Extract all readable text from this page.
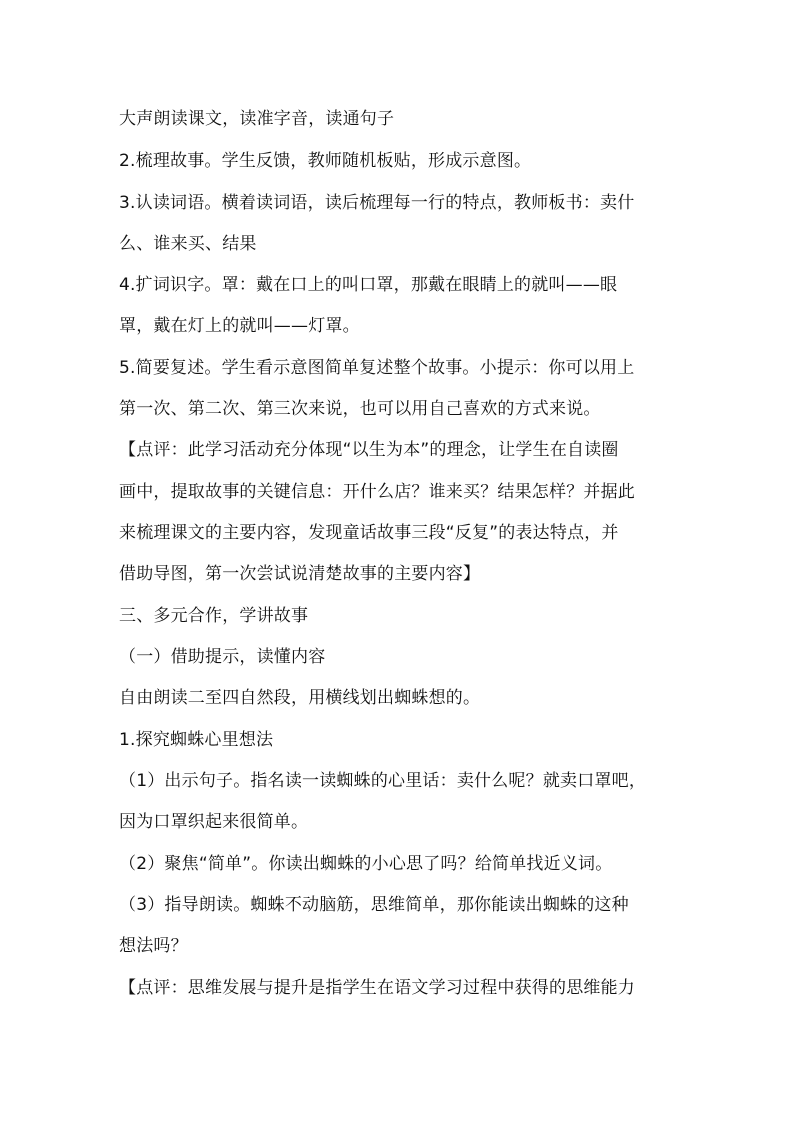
大声朗读课文，读准字音，读通句子
2.梳理故事。学生反馈，教师随机板贴，形成示意图。
3.认读词语。横着读词语，读后梳理每一行的特点，教师板书：卖什
么、谁来买、结果
4.扩词识字。罩：戴在口上的叫口罩，那戴在眼睛上的就叫——眼
罩，戴在灯上的就叫——灯罩。
5.简要复述。学生看示意图简单复述整个故事。小提示：你可以用上
第一次、第二次、第三次来说，也可以用自己喜欢的方式来说。
【点评：此学习活动充分体现“以生为本”的理念，让学生在自读圈
画中，提取故事的关键信息：开什么店？谁来买？结果怎样？并据此
来梳理课文的主要内容，发现童话故事三段“反复”的表达特点，并
借助导图，第一次尝试说清楚故事的主要内容】
三、多元合作，学讲故事
（一）借助提示，读懂内容
自由朗读二至四自然段，用横线划出蜘蛛想的。
1.探究蜘蛛心里想法
（1）出示句子。指名读一读蜘蛛的心里话：卖什么呢？就卖口罩吧，
因为口罩织起来很简单。
（2）聚焦“简单”。你读出蜘蛛的小心思了吗？给简单找近义词。
（3）指导朗读。蜘蛛不动脑筋，思维简单，那你能读出蜘蛛的这种
想法吗？
【点评：思维发展与提升是指学生在语文学习过程中获得的思维能力
